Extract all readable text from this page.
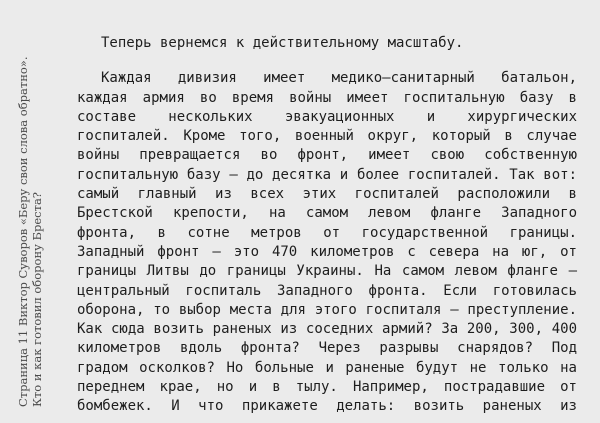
Страница 11 Виктор Суворов «Беру свои слова обратно». Кто и как готовил оборону Бреста?
Теперь вернемся к действительному масштабу.
Каждая дивизия имеет медико–санитарный батальон,
каждая армия во время войны имеет госпитальную базу в
составе нескольких эвакуационных и хирургических
госпиталей. Кроме того, военный округ, который в случае
войны превращается во фронт, имеет свою собственную
госпитальную базу – до десятка и более госпиталей. Так вот:
самый главный из всех этих госпиталей расположили в
Брестской крепости, на самом левом фланге Западного
фронта, в сотне метров от государственной границы.
Западный фронт – это 470 километров с севера на юг, от
границы Литвы до границы Украины. На самом левом фланге –
центральный госпиталь Западного фронта. Если готовилась
оборона, то выбор места для этого госпиталя – преступление.
Как сюда возить раненых из соседних армий? За 200, 300, 400
километров вдоль фронта? Через разрывы снарядов? Под
градом осколков? Но больные и раненые будут не только на
переднем крае, но и в тылу. Например, пострадавшие от
бомбежек. И что прикажете делать: возить раненых из
